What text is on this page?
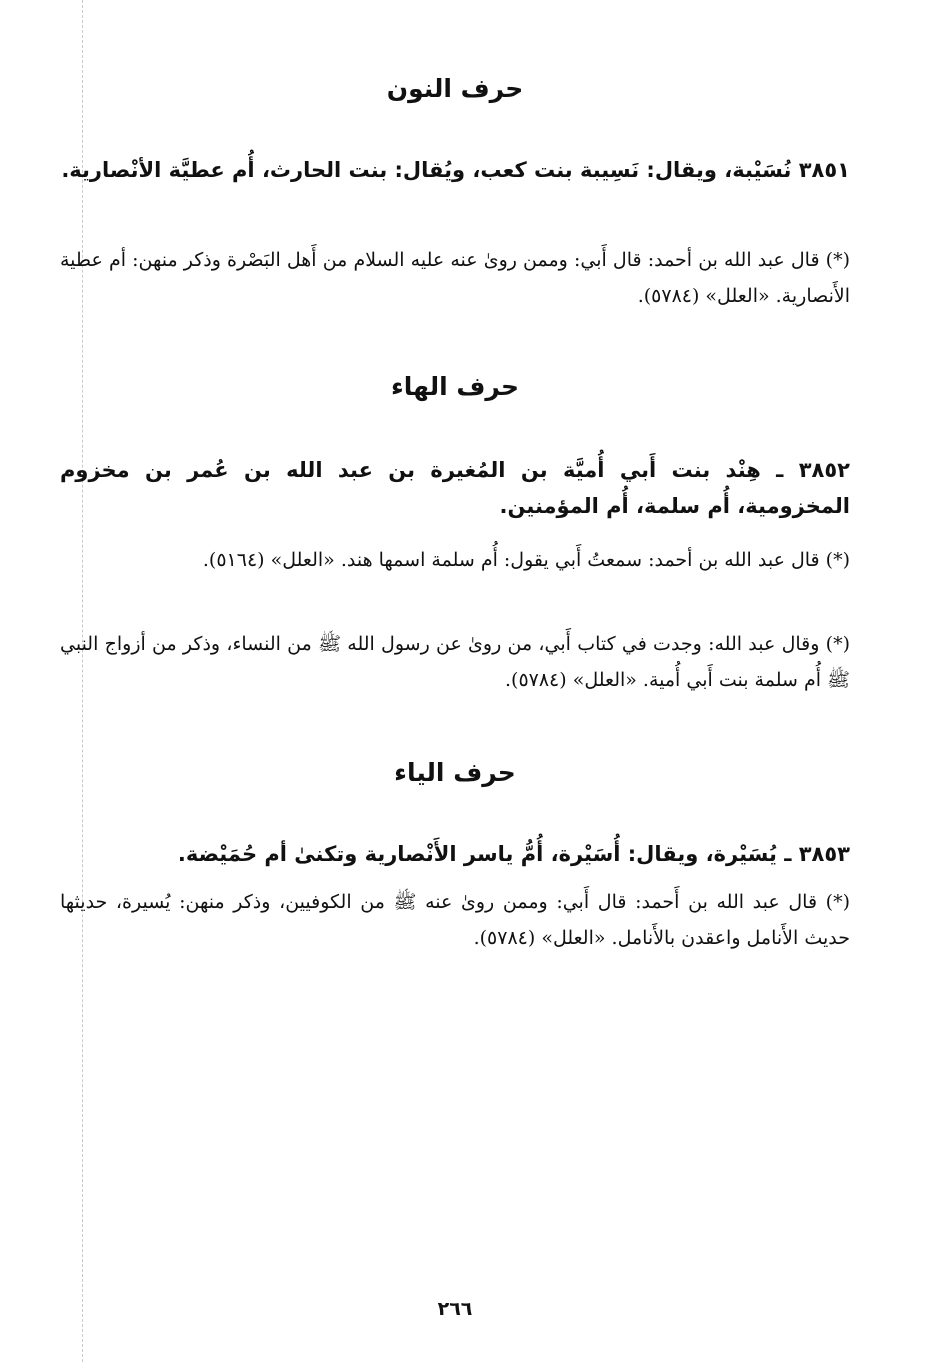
حرف النون

٣٨٥١ نُسَيْبة، ويقال: نَسِيبة بنت كعب، ويُقال: بنت الحارث، أُم عطيَّة الأنْصارية.

(*) قال عبد الله بن أحمد: قال أَبي: وممن روىٰ عنه عليه السلام من أَهل البَصْرة وذكر منهن: أم عطية الأَنصارية. «العلل» (٥٧٨٤).

حرف الهاء

٣٨٥٢ ـ هِنْد بنت أَبي أُميَّة بن المُغيرة بن عبد الله بن عُمر بن مخزوم المخزومية، أُم سلمة، أُم المؤمنين.

(*) قال عبد الله بن أحمد: سمعتُ أَبي يقول: أُم سلمة اسمها هند. «العلل» (٥١٦٤).

(*) وقال عبد الله: وجدت في كتاب أَبي، من روىٰ عن رسول الله ﷺ من النساء، وذكر من أزواج النبي ﷺ أُم سلمة بنت أَبي أُمية. «العلل» (٥٧٨٤).

حرف الياء

٣٨٥٣ ـ يُسَيْرة، ويقال: أُسَيْرة، أُمُّ ياسر الأَنْصارية وتكنىٰ أم حُمَيْضة.

(*) قال عبد الله بن أَحمد: قال أَبي: وممن روىٰ عنه ﷺ من الكوفيين، وذكر منهن: يُسيرة، حديثها حديث الأَنامل واعقدن بالأَنامل. «العلل» (٥٧٨٤).

٢٦٦
